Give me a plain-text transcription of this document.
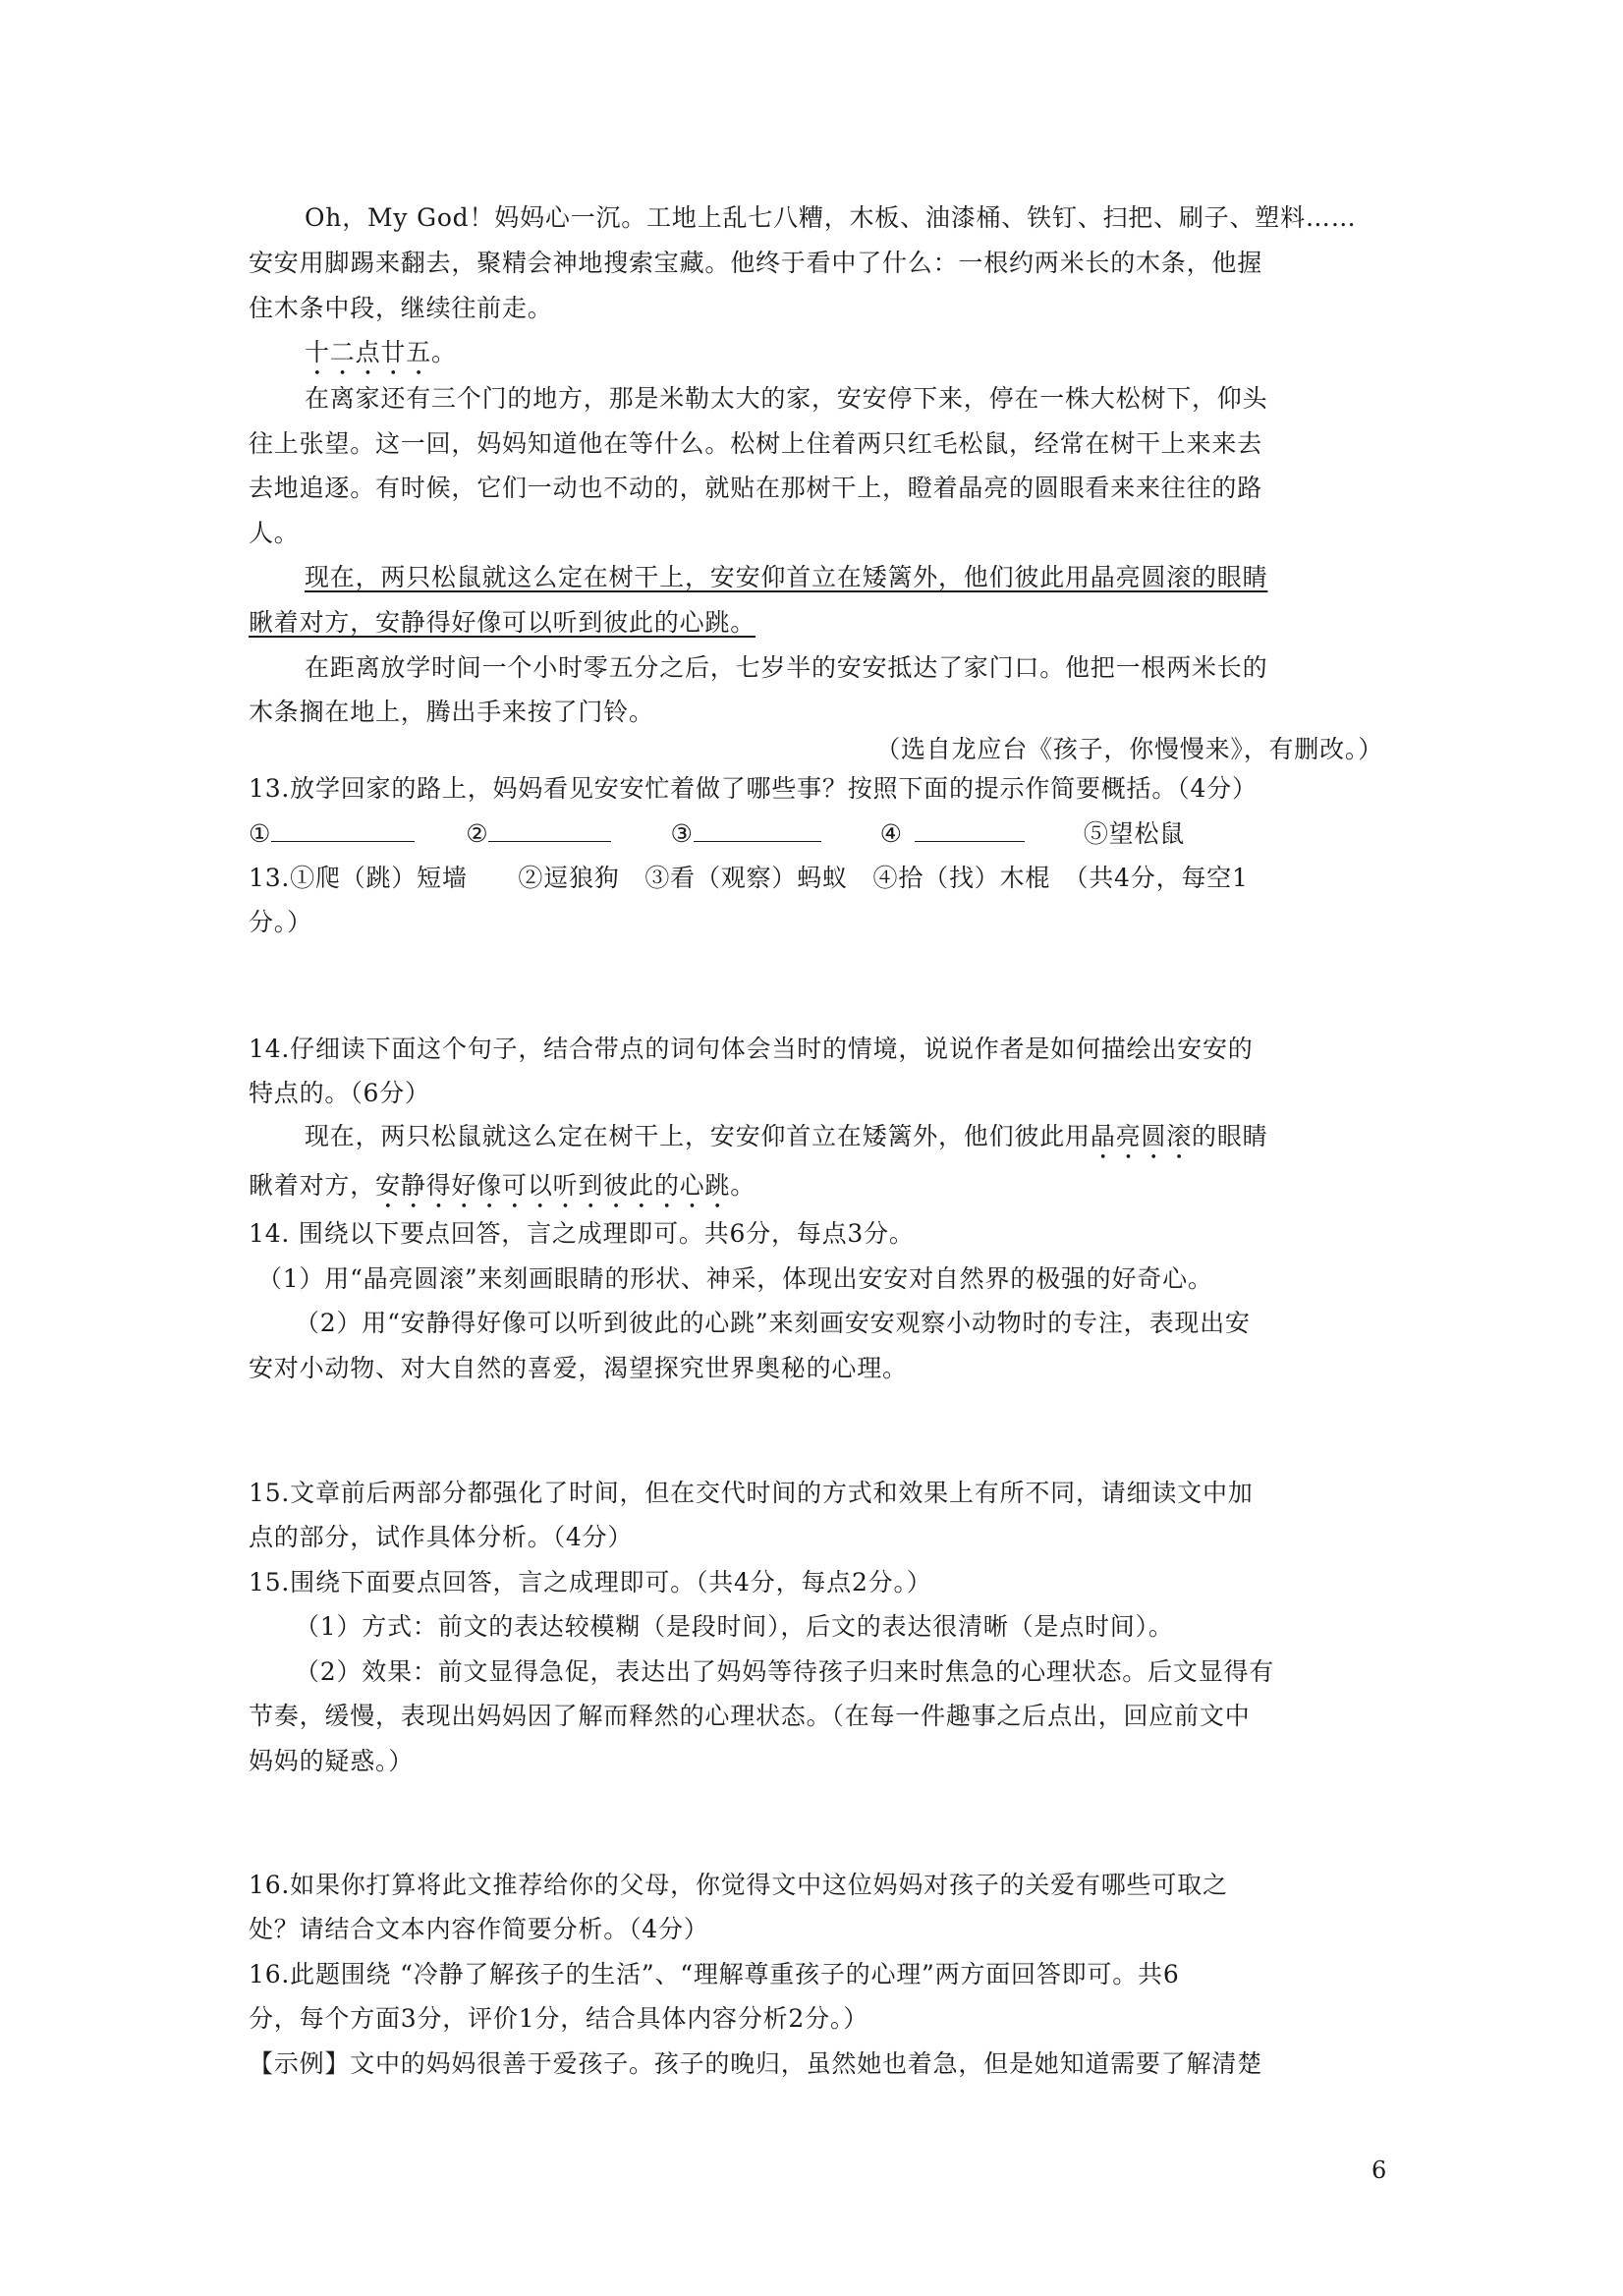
Oh，My God！妈妈心一沉。工地上乱七八糟，木板、油漆桶、铁钉、扫把、刷子、塑料……
安安用脚踢来翻去，聚精会神地搜索宝藏。他终于看中了什么：一根约两米长的木条，他握
住木条中段，继续往前走。
十二点廿五。
在离家还有三个门的地方，那是米勒太大的家，安安停下来，停在一株大松树下，仰头
往上张望。这一回，妈妈知道他在等什么。松树上住着两只红毛松鼠，经常在树干上来来去
去地追逐。有时候，它们一动也不动的，就贴在那树干上，瞪着晶亮的圆眼看来来往往的路
人。
现在，两只松鼠就这么定在树干上，安安仰首立在矮篱外，他们彼此用晶亮圆滚的眼睛
瞅着对方，安静得好像可以听到彼此的心跳。
在距离放学时间一个小时零五分之后，七岁半的安安抵达了家门口。他把一根两米长的
木条搁在地上，腾出手来按了门铃。
（选自龙应台《孩子，你慢慢来》，有删改。）
13.放学回家的路上，妈妈看见安安忙着做了哪些事？按照下面的提示作简要概括。（4分）
①	②	③	④	⑤望松鼠
13.①爬（跳）短墙　　②逗狼狗　③看（观察）蚂蚁　④拾（找）木棍　（共4分，每空1
分。）
14.仔细读下面这个句子，结合带点的词句体会当时的情境，说说作者是如何描绘出安安的
特点的。（6分）
现在，两只松鼠就这么定在树干上，安安仰首立在矮篱外，他们彼此用晶亮圆滚的眼睛
瞅着对方，安静得好像可以听到彼此的心跳。
14. 围绕以下要点回答，言之成理即可。共6分，每点3分。
（1）用“晶亮圆滚”来刻画眼睛的形状、神采，体现出安安对自然界的极强的好奇心。
（2）用“安静得好像可以听到彼此的心跳”来刻画安安观察小动物时的专注，表现出安
安对小动物、对大自然的喜爱，渴望探究世界奥秘的心理。
15.文章前后两部分都强化了时间，但在交代时间的方式和效果上有所不同，请细读文中加
点的部分，试作具体分析。（4分）
15.围绕下面要点回答，言之成理即可。（共4分，每点2分。）
（1）方式：前文的表达较模糊（是段时间），后文的表达很清晰（是点时间）。
（2）效果：前文显得急促，表达出了妈妈等待孩子归来时焦急的心理状态。后文显得有
节奏，缓慢，表现出妈妈因了解而释然的心理状态。（在每一件趣事之后点出，回应前文中
妈妈的疑惑。）
16.如果你打算将此文推荐给你的父母，你觉得文中这位妈妈对孩子的关爱有哪些可取之
处？请结合文本内容作简要分析。（4分）
16.此题围绕 “冷静了解孩子的生活”、“理解尊重孩子的心理”两方面回答即可。共6
分，每个方面3分，评价1分，结合具体内容分析2分。）
【示例】文中的妈妈很善于爱孩子。孩子的晚归，虽然她也着急，但是她知道需要了解清楚
6
